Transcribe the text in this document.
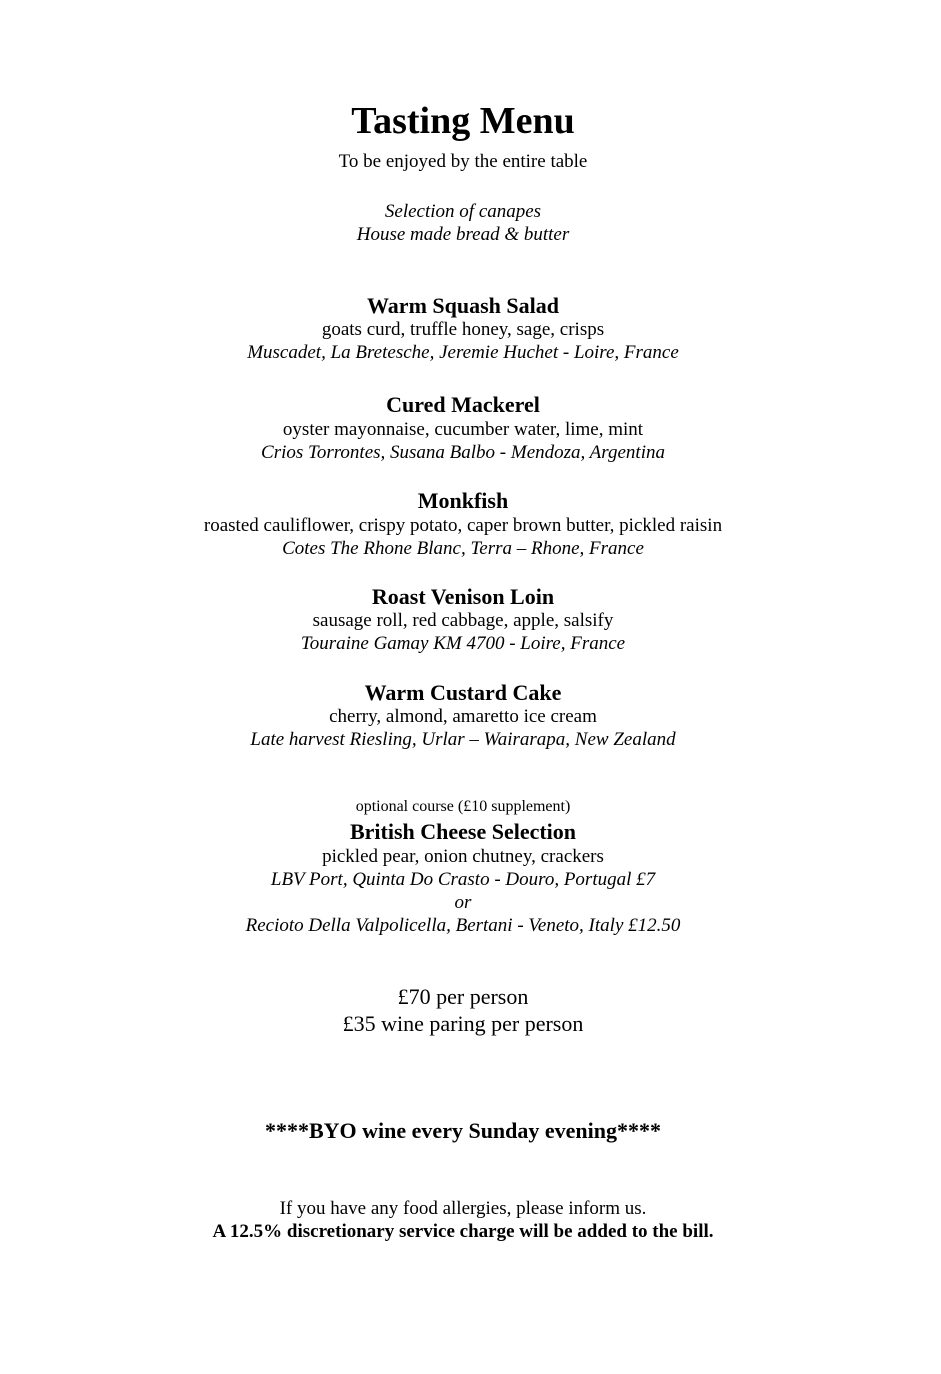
Tasting Menu
To be enjoyed by the entire table
Selection of canapes
House made bread & butter
Warm Squash Salad
goats curd, truffle honey, sage, crisps
Muscadet, La Bretesche, Jeremie Huchet - Loire, France
Cured Mackerel
oyster mayonnaise, cucumber water, lime, mint
Crios Torrontes, Susana Balbo - Mendoza, Argentina
Monkfish
roasted cauliflower, crispy potato, caper brown butter, pickled raisin
Cotes The Rhone Blanc, Terra – Rhone, France
Roast Venison Loin
sausage roll, red cabbage, apple, salsify
Touraine Gamay KM 4700 - Loire, France
Warm Custard Cake
cherry, almond, amaretto ice cream
Late harvest Riesling, Urlar – Wairarapa, New Zealand
optional course (£10 supplement)
British Cheese Selection
pickled pear, onion chutney, crackers
LBV Port, Quinta Do Crasto - Douro, Portugal £7
or
Recioto Della Valpolicella, Bertani - Veneto, Italy £12.50
£70 per person
£35 wine paring per person
****BYO wine every Sunday evening****
If you have any food allergies, please inform us.
A 12.5% discretionary service charge will be added to the bill.
